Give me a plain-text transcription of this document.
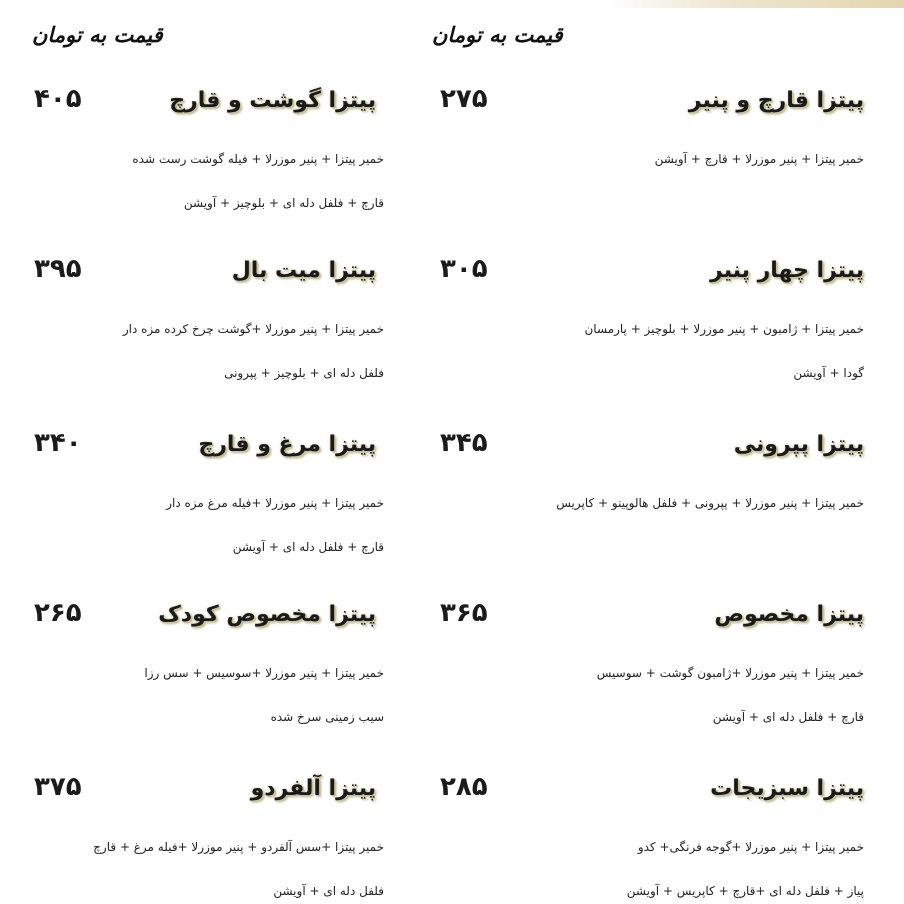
قیمت به تومان
پیتزا قارچ و پنیر
۲۷۵
خمیر پیتزا + پنیر موزرلا + قارچ + آویشن
پیتزا چهار پنیر
۳۰۵
خمیر پیتزا + ژامبون + پنیر موزرلا + بلوچیز + پارمسان
گودا + آویشن
پیتزا پپرونی
۳۴۵
خمیر پیتزا + پنیر موزرلا + پپرونی + فلفل هالوپینو + کاپریس
پیتزا مخصوص
۳۶۵
خمیر پیتزا + پنیر موزرلا +ژامبون گوشت + سوسیس
قارچ + فلفل دله ای + آویشن
پیتزا سبزیجات
۲۸۵
خمیر پیتزا + پنیر موزرلا +گوجه فرنگی+ کدو
پیاز + فلفل دله ای +قارچ + کاپریس + آویشن
قیمت به تومان
پیتزا گوشت و قارچ
۴۰۵
خمیر پیتزا + پنیر موزرلا + فیله گوشت رست شده
قارچ + فلفل دله ای + بلوچیز + آویشن
پیتزا میت بال
۳۹۵
خمیر پیتزا + پنیر موزرلا +گوشت چرخ کرده مزه دار
فلفل دله ای + بلوچیز + پپرونی
پیتزا مرغ و قارچ
۳۴۰
خمیر پیتزا + پنیر موزرلا +فیله مرغ مزه دار
قارچ + فلفل دله ای + آویشن
پیتزا مخصوص کودک
۲۶۵
خمیر پیتزا + پنیر موزرلا +سوسیس + سس رزا
سیب زمینی سرخ شده
پیتزا آلفردو
۳۷۵
خمیر پیتزا +سس آلفردو + پنیر موزرلا +فیله مرغ + قارچ
فلفل دله ای + آویشن
